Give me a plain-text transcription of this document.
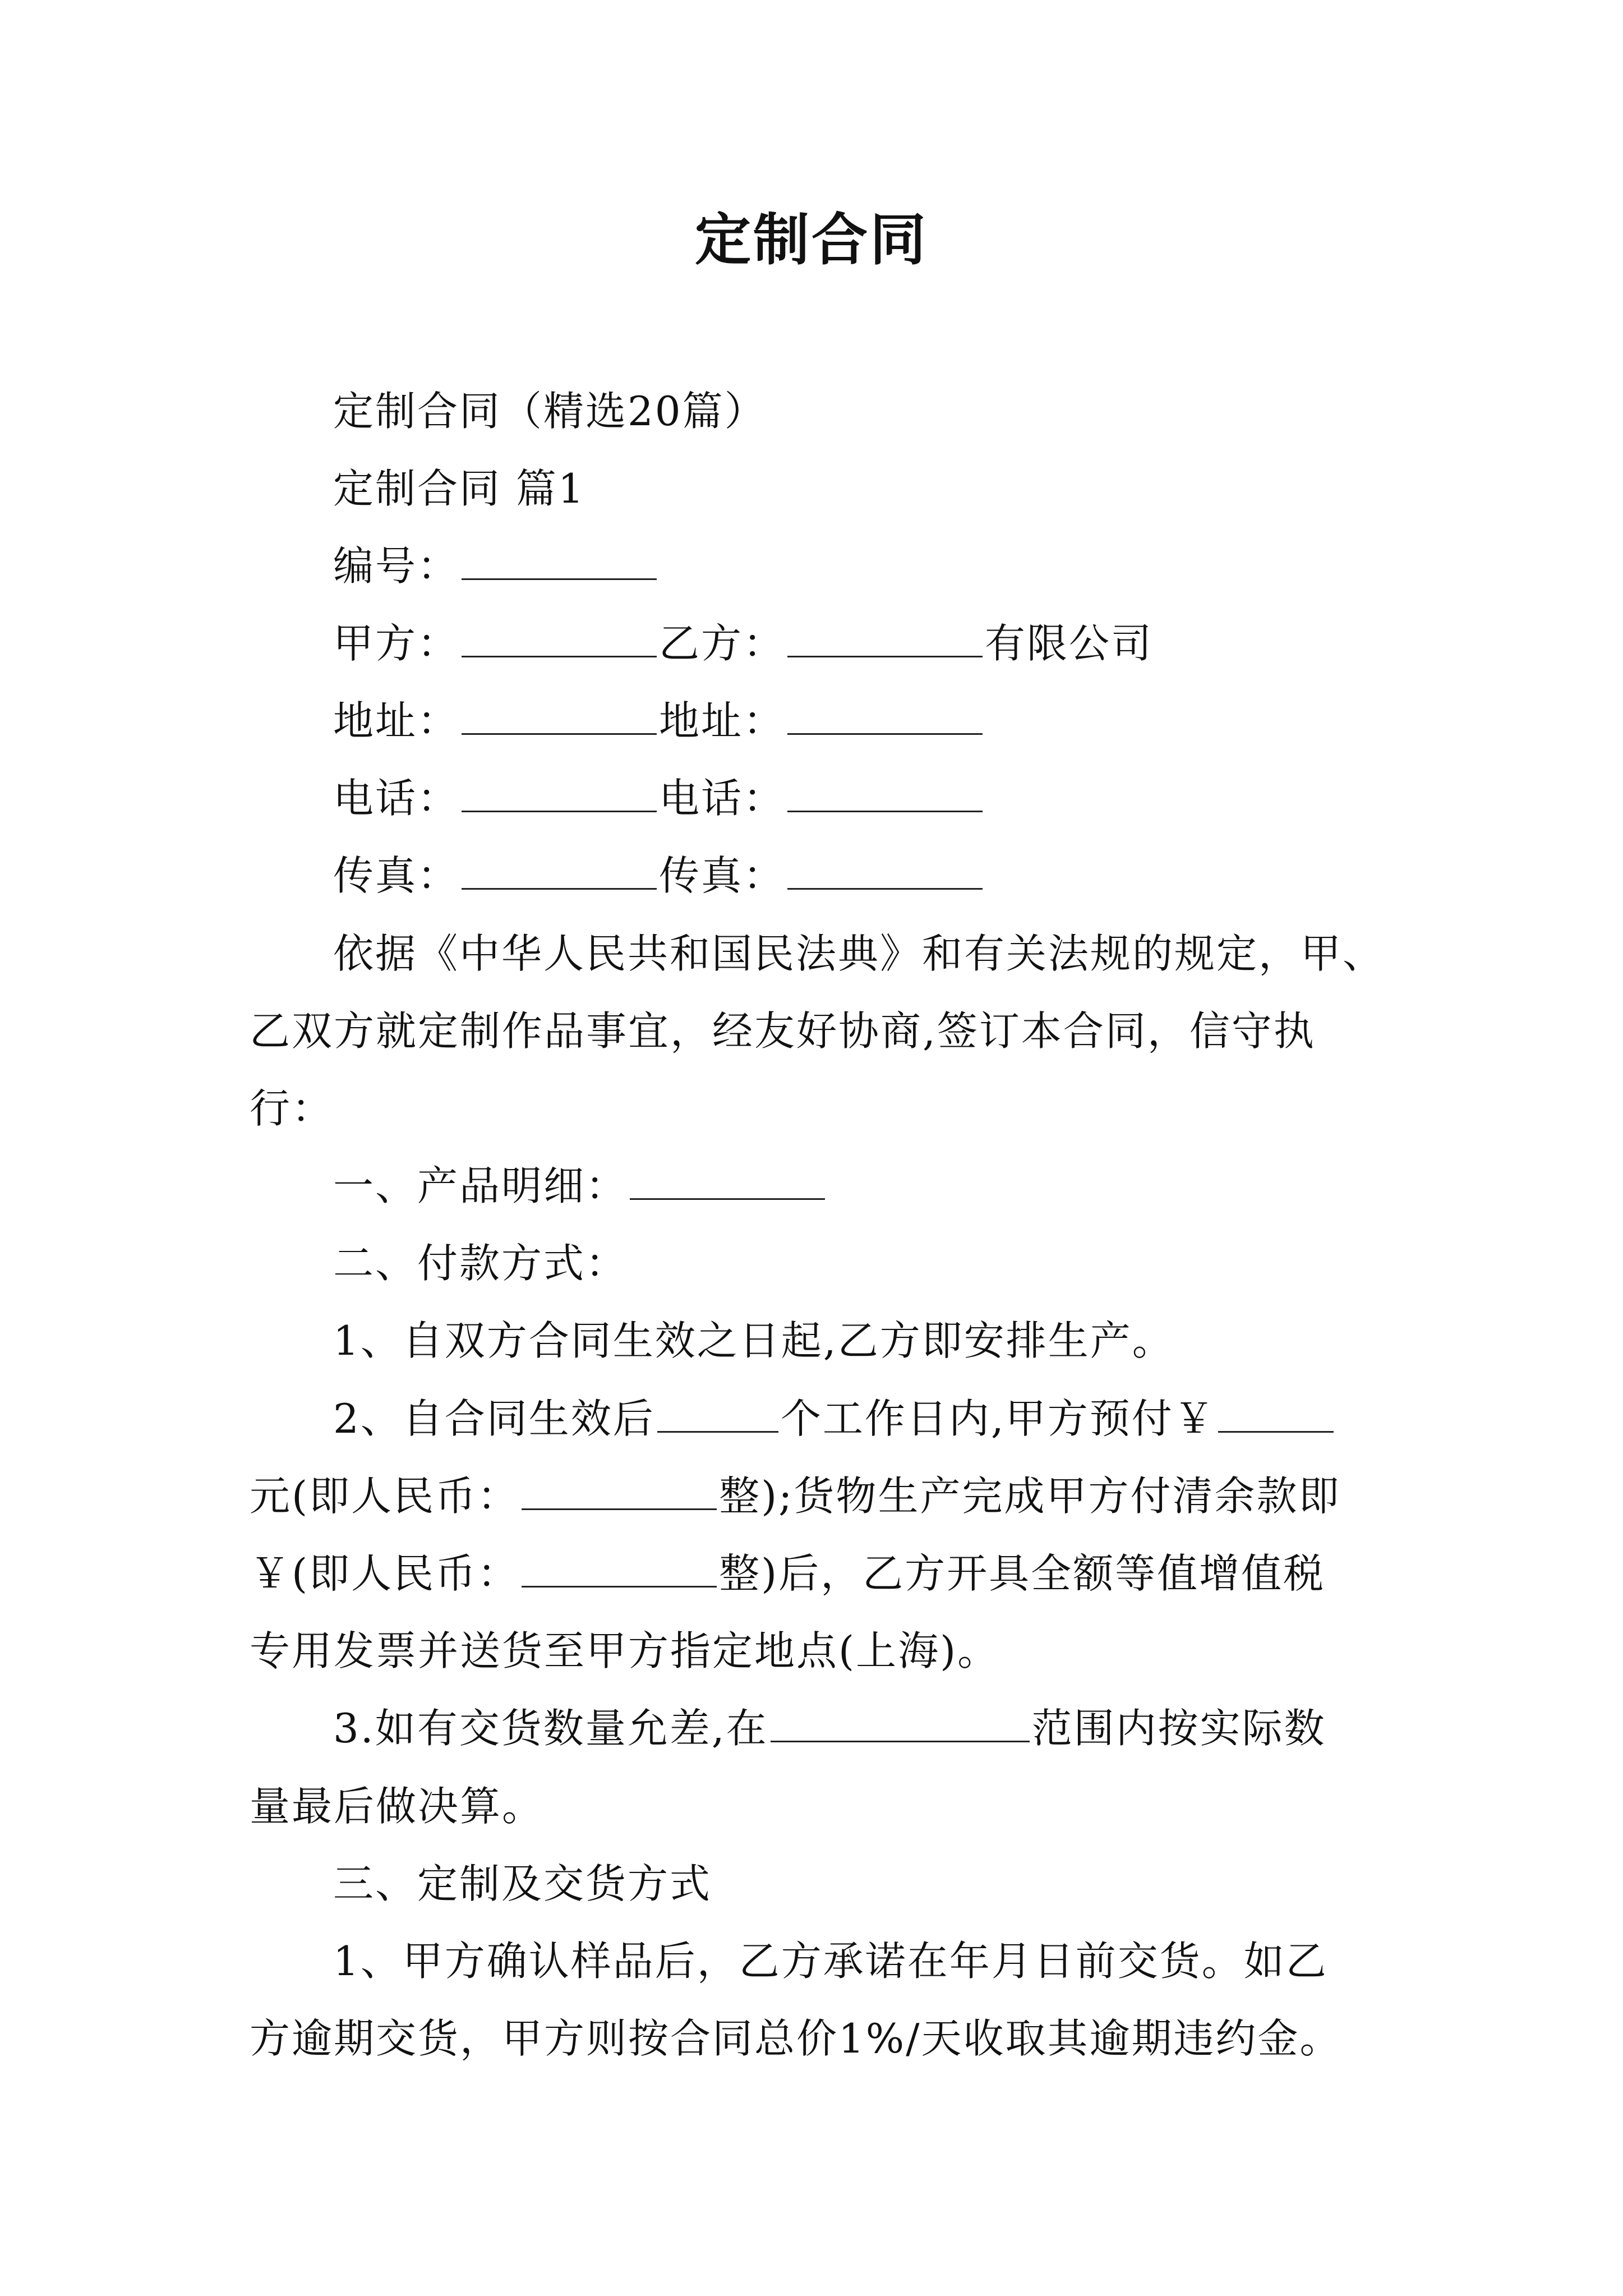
定制合同
定制合同（精选20篇）
定制合同 篇1
编号：
甲方：	乙方：	有限公司
地址：	地址：
电话：	电话：
传真：	传真：
依据《中华人民共和国民法典》和有关法规的规定，甲、
乙双方就定制作品事宜，经友好协商,签订本合同，信守执
行：
一、产品明细：
二、付款方式：
1、自双方合同生效之日起,乙方即安排生产。
2、自合同生效后	个工作日内,甲方预付￥
元(即人民币：	整);货物生产完成甲方付清余款即
￥(即人民币：	整)后，乙方开具全额等值增值税
专用发票并送货至甲方指定地点(上海)。
3.如有交货数量允差,在	范围内按实际数
量最后做决算。
三、定制及交货方式
1、甲方确认样品后，乙方承诺在年月日前交货。如乙
方逾期交货，甲方则按合同总价1%/天收取其逾期违约金。
